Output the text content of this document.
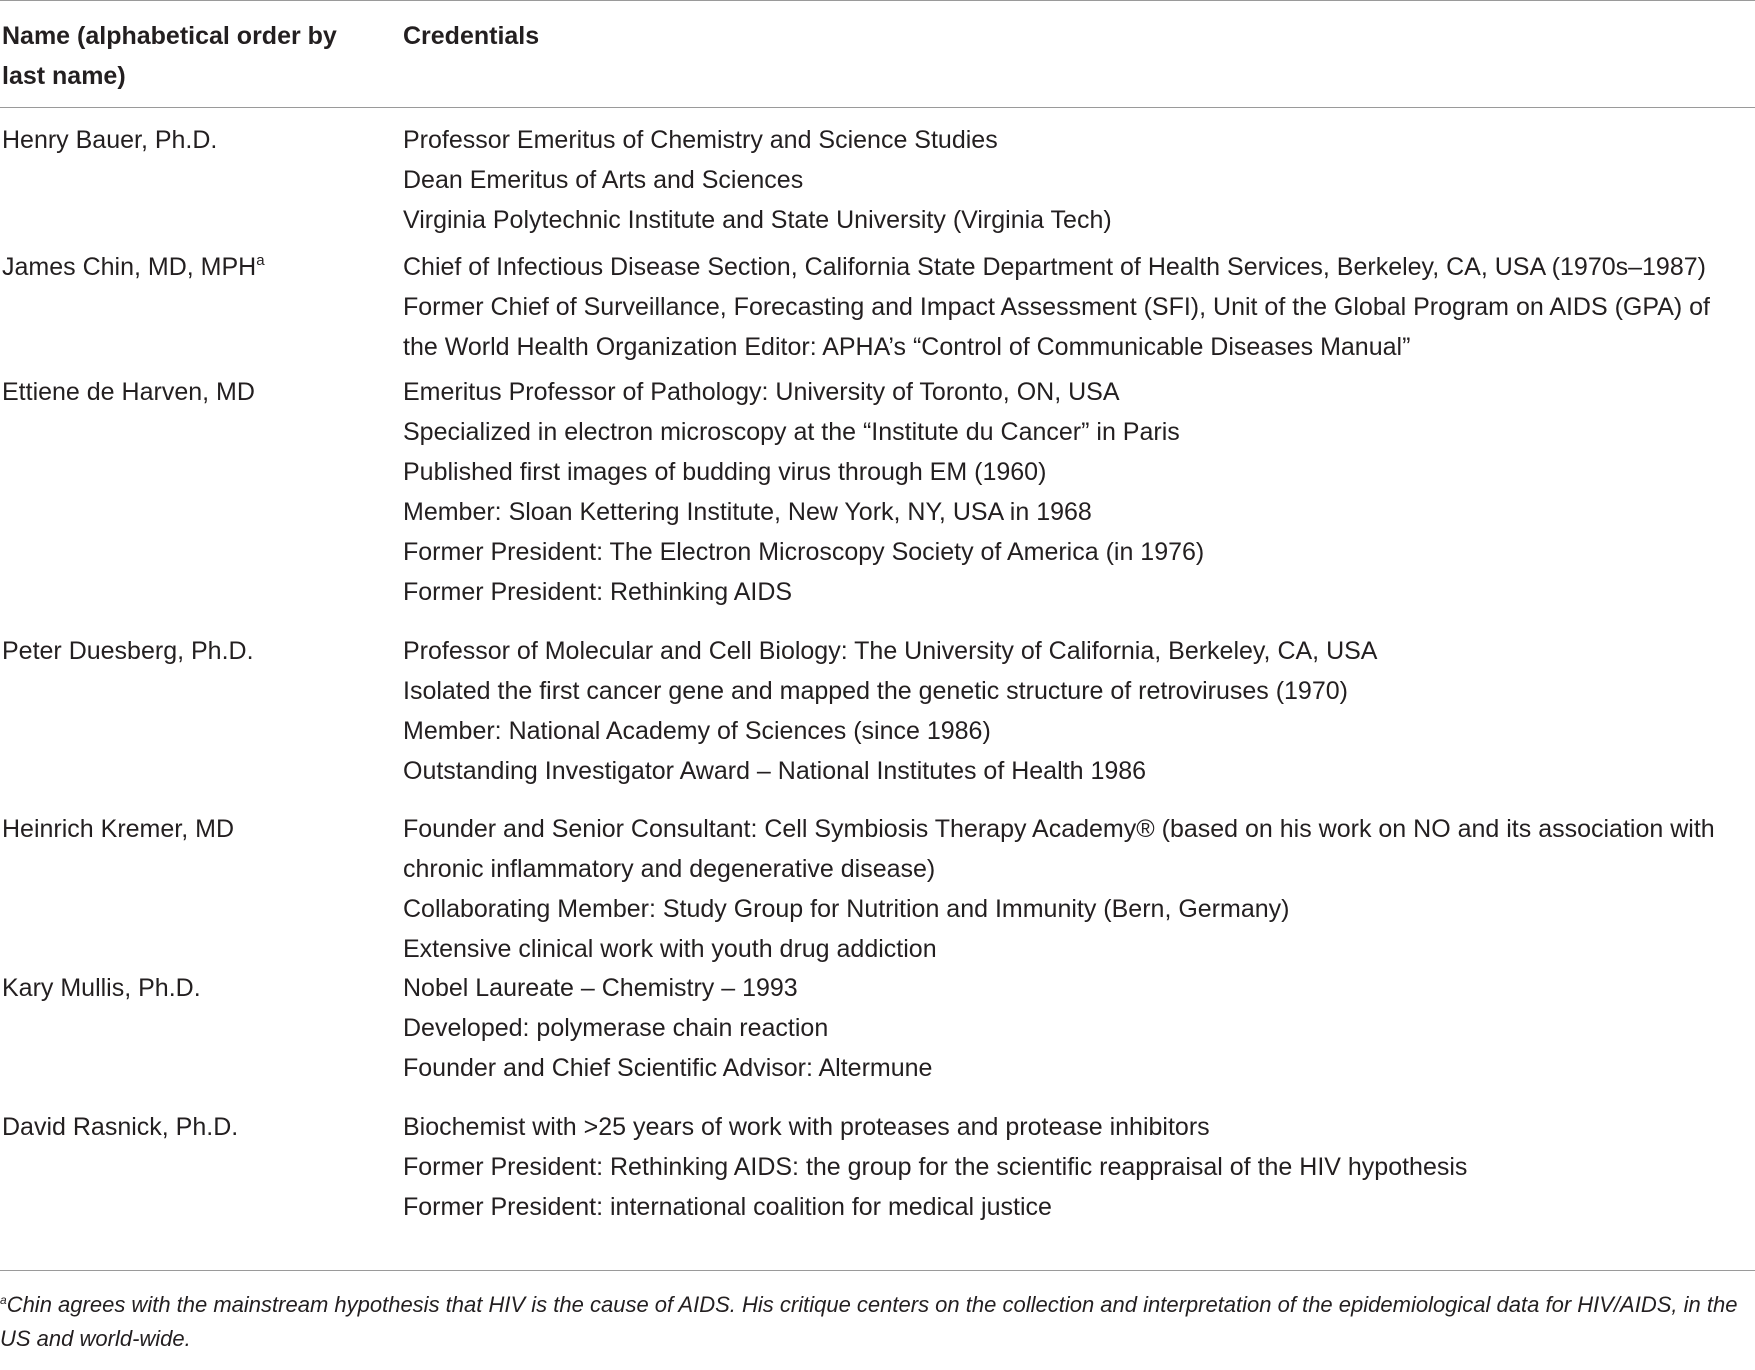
Name (alphabetical order by last name)
Credentials
Henry Bauer, Ph.D.	Professor Emeritus of Chemistry and Science Studies
Dean Emeritus of Arts and Sciences
Virginia Polytechnic Institute and State University (Virginia Tech)
James Chin, MD, MPH$^a$	Chief of Infectious Disease Section, California State Department of Health Services, Berkeley, CA, USA (1970s–1987)
Former Chief of Surveillance, Forecasting and Impact Assessment (SFI), Unit of the Global Program on AIDS (GPA) of the World Health Organization Editor: APHA’s “Control of Communicable Diseases Manual”
Ettiene de Harven, MD	Emeritus Professor of Pathology: University of Toronto, ON, USA
Specialized in electron microscopy at the “Institute du Cancer” in Paris
Published first images of budding virus through EM (1960)
Member: Sloan Kettering Institute, New York, NY, USA in 1968
Former President: The Electron Microscopy Society of America (in 1976)
Former President: Rethinking AIDS
Peter Duesberg, Ph.D.	Professor of Molecular and Cell Biology: The University of California, Berkeley, CA, USA
Isolated the first cancer gene and mapped the genetic structure of retroviruses (1970)
Member: National Academy of Sciences (since 1986)
Outstanding Investigator Award – National Institutes of Health 1986
Heinrich Kremer, MD	Founder and Senior Consultant: Cell Symbiosis Therapy Academy® (based on his work on NO and its association with chronic inflammatory and degenerative disease)
Collaborating Member: Study Group for Nutrition and Immunity (Bern, Germany)
Extensive clinical work with youth drug addiction
Kary Mullis, Ph.D.	Nobel Laureate – Chemistry – 1993
Developed: polymerase chain reaction
Founder and Chief Scientific Advisor: Altermune
David Rasnick, Ph.D.	Biochemist with >25 years of work with proteases and protease inhibitors
Former President: Rethinking AIDS: the group for the scientific reappraisal of the HIV hypothesis
Former President: international coalition for medical justice
$^a$Chin agrees with the mainstream hypothesis that HIV is the cause of AIDS. His critique centers on the collection and interpretation of the epidemiological data for HIV/AIDS, in the US and world-wide.
